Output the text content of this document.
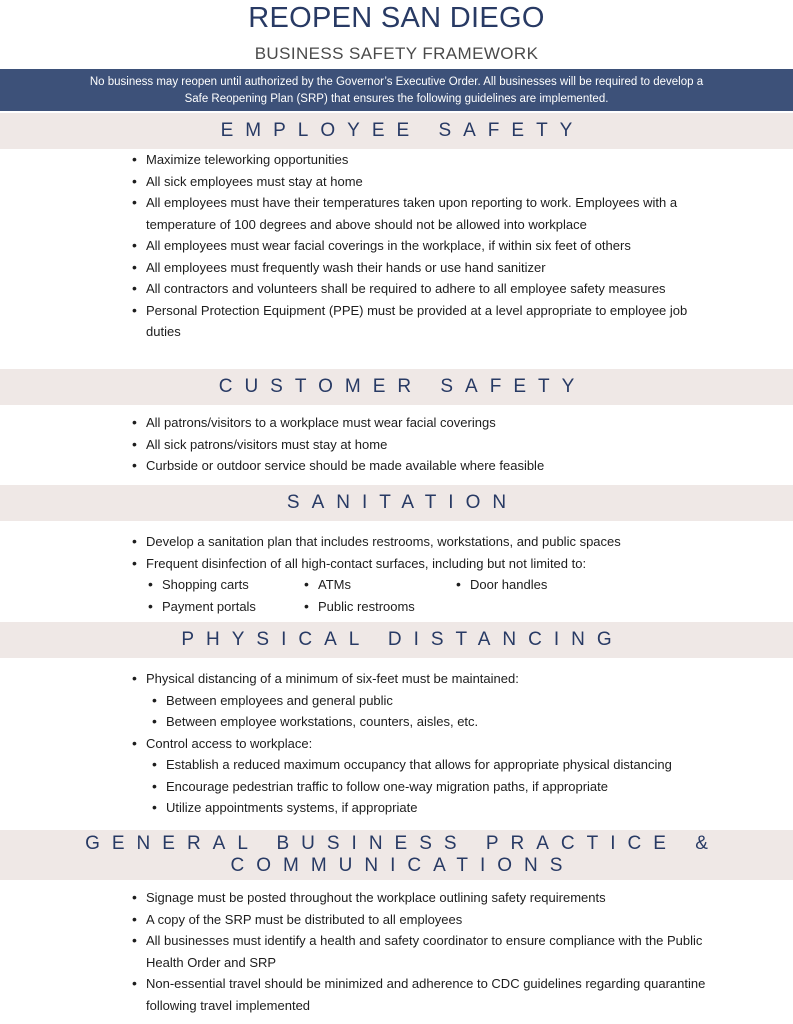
REOPEN SAN DIEGO
BUSINESS SAFETY FRAMEWORK
No business may reopen until authorized by the Governor’s Executive Order. All businesses will be required to develop a
Safe Reopening Plan (SRP) that ensures the following guidelines are implemented.
EMPLOYEE SAFETY
• Maximize teleworking opportunities
• All sick employees must stay at home
• All employees must have their temperatures taken upon reporting to work. Employees with a temperature of 100 degrees and above should not be allowed into workplace
• All employees must wear facial coverings in the workplace, if within six feet of others
• All employees must frequently wash their hands or use hand sanitizer
• All contractors and volunteers shall be required to adhere to all employee safety measures
• Personal Protection Equipment (PPE) must be provided at a level appropriate to employee job duties
CUSTOMER SAFETY
• All patrons/visitors to a workplace must wear facial coverings
• All sick patrons/visitors must stay at home
• Curbside or outdoor service should be made available where feasible
SANITATION
• Develop a sanitation plan that includes restrooms, workstations, and public spaces
• Frequent disinfection of all high-contact surfaces, including but not limited to:
• Shopping carts
• Payment portals
• ATMs
• Public restrooms
• Door handles
PHYSICAL DISTANCING
• Physical distancing of a minimum of six-feet must be maintained:
• Between employees and general public
• Between employee workstations, counters, aisles, etc.
• Control access to workplace:
• Establish a reduced maximum occupancy that allows for appropriate physical distancing
• Encourage pedestrian traffic to follow one-way migration paths, if appropriate
• Utilize appointments systems, if appropriate
GENERAL BUSINESS PRACTICE &
COMMUNICATIONS
• Signage must be posted throughout the workplace outlining safety requirements
• A copy of the SRP must be distributed to all employees
• All businesses must identify a health and safety coordinator to ensure compliance with the Public Health Order and SRP
• Non-essential travel should be minimized and adherence to CDC guidelines regarding quarantine following travel implemented
